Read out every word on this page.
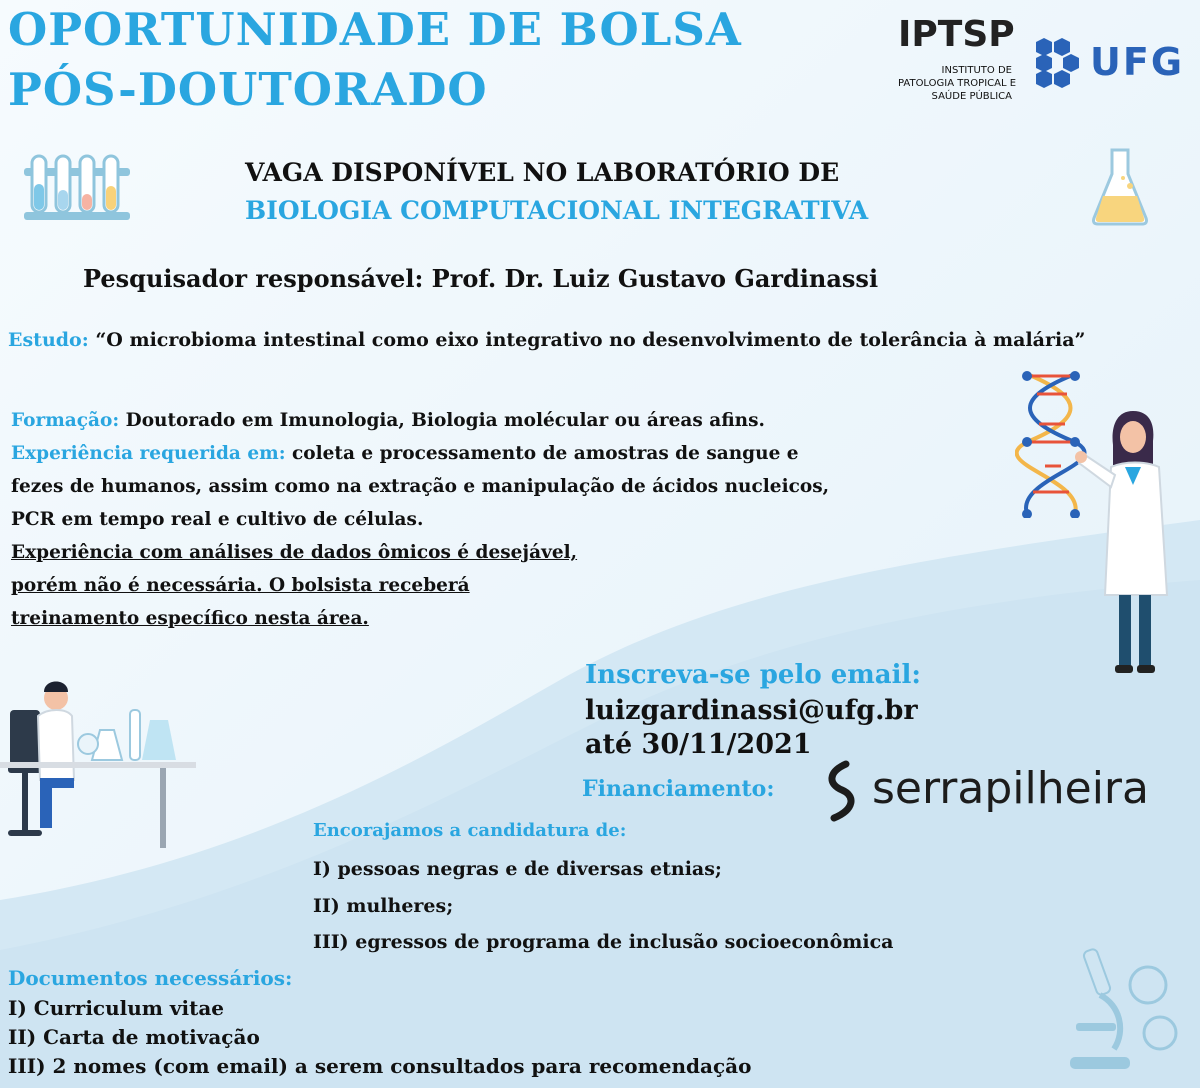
OPORTUNIDADE DE BOLSA
PÓS-DOUTORADO
IPTSP
INSTITUTO DE
PATOLOGIA TROPICAL E
SAÚDE PÚBLICA
UFG
VAGA DISPONÍVEL NO LABORATÓRIO DE
BIOLOGIA COMPUTACIONAL INTEGRATIVA
Pesquisador responsável: Prof. Dr. Luiz Gustavo Gardinassi
Estudo: “O microbioma intestinal como eixo integrativo no desenvolvimento de tolerância à malária”
Formação: Doutorado em Imunologia, Biologia molécular ou áreas afins.
Experiência requerida em: coleta e processamento de amostras de sangue e
fezes de humanos, assim como na extração e manipulação de ácidos nucleicos,
PCR em tempo real e cultivo de células.
Experiência com análises de dados ômicos é desejável,
porém não é necessária. O bolsista receberá
treinamento específico nesta área.
Inscreva-se pelo email:
luizgardinassi@ufg.br
até 30/11/2021
Financiamento: serrapilheira
Encorajamos a candidatura de:
I) pessoas negras e de diversas etnias;
II) mulheres;
III) egressos de programa de inclusão socioeconômica
Documentos necessários:
I) Curriculum vitae
II) Carta de motivação
III) 2 nomes (com email) a serem consultados para recomendação
